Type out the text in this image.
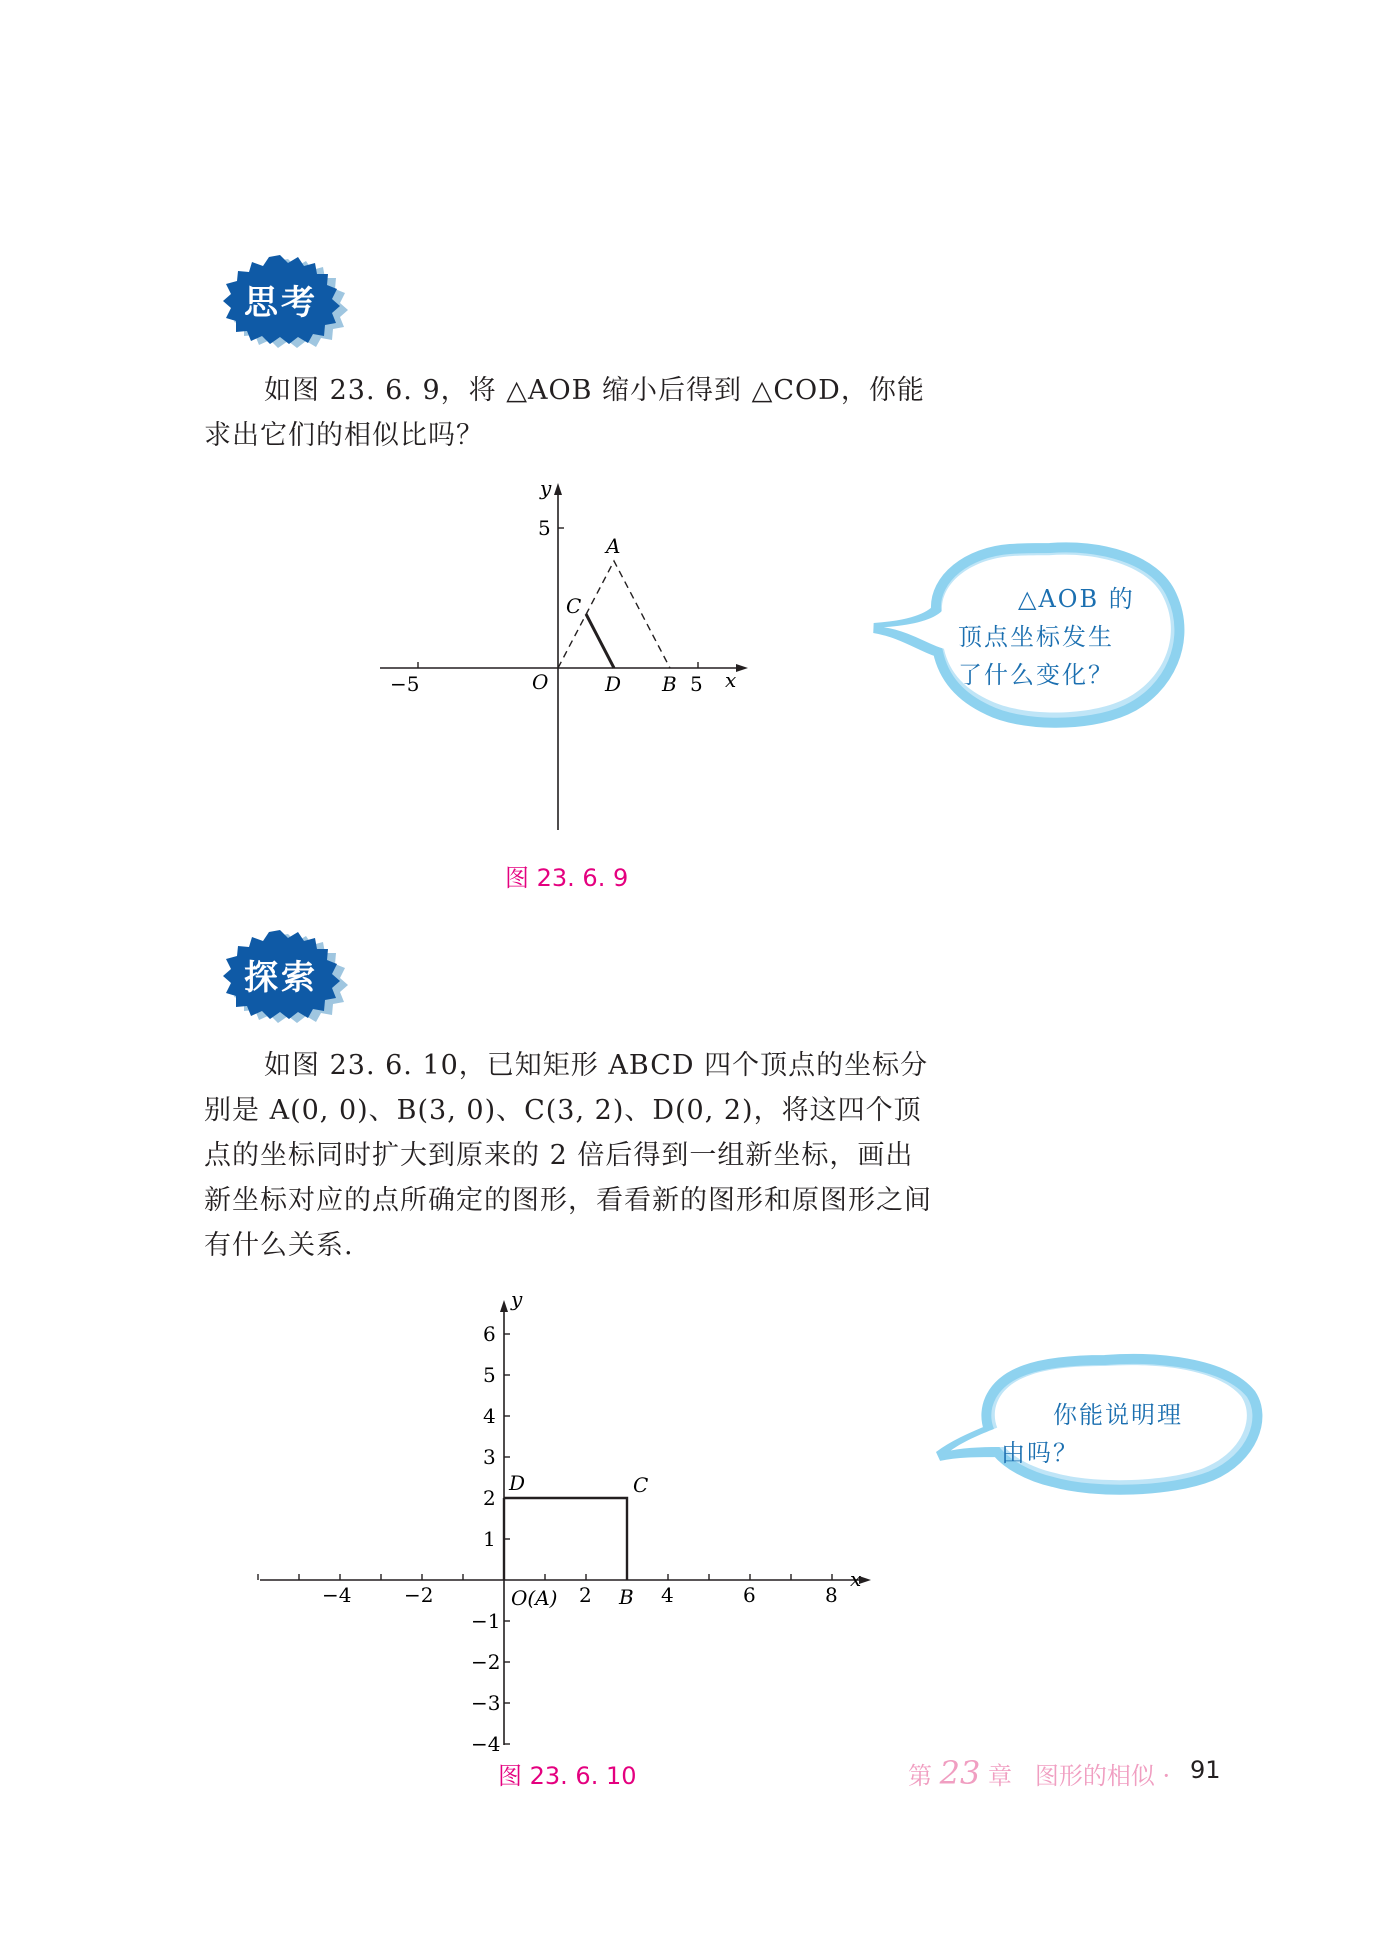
思考

如图 23. 6. 9，将 △AOB 缩小后得到 △COD，你能求出它们的相似比吗？

y
x
5
−5	5
O
A
B
C
D
图 23. 6. 9
△AOB 的
顶点坐标发生
了什么变化？
探索

如图 23. 6. 10，已知矩形 ABCD 四个顶点的坐标分别是 A(0, 0)、B(3, 0)、C(3, 2)、D(0, 2)，将这四个顶点的坐标同时扩大到原来的 2 倍后得到一组新坐标，画出新坐标对应的点所确定的图形，看看新的图形和原图形之间有什么关系.

y
x
−4	−2	2	4	6	8
6
5
4
3
2
1
−1
−2
−3
−4
O(A)	B
C
D
图 23. 6. 10
你能说明理
由吗？
第 23 章 图形的相似 · 91
